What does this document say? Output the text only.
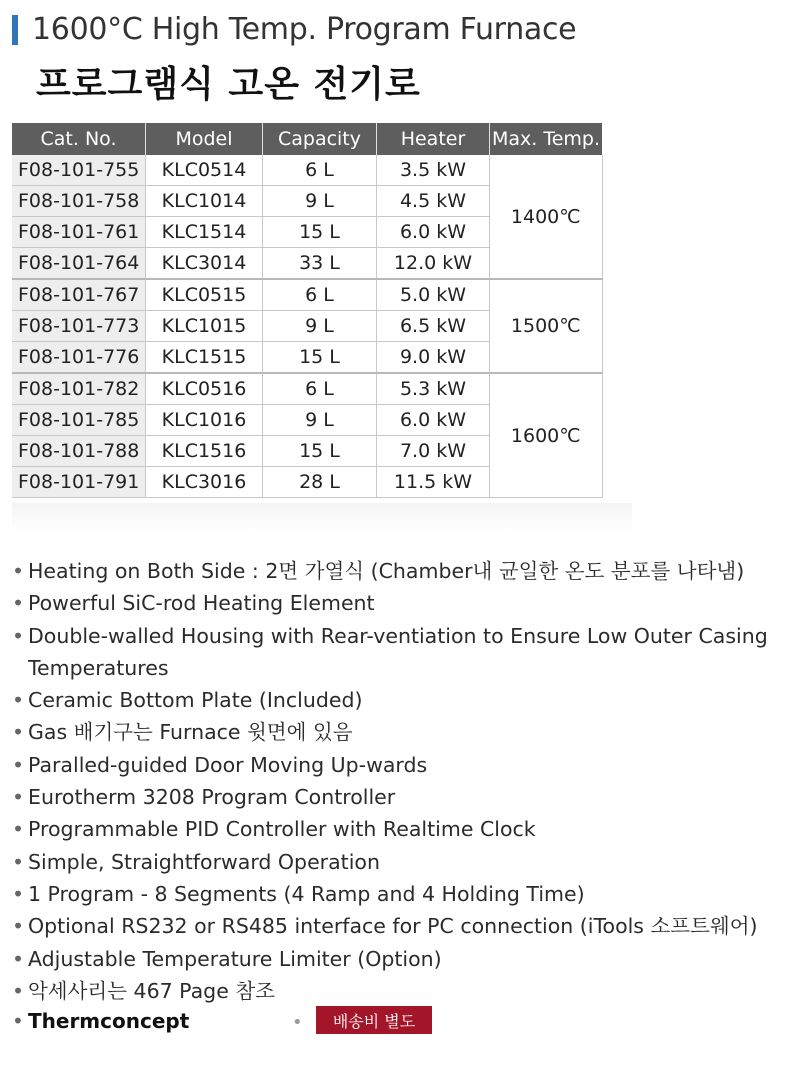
1600°C High Temp. Program Furnace
프로그램식 고온 전기로
Cat. No.	Model	Capacity	Heater	Max. Temp.
F08-101-755	KLC0514	6 L	3.5 kW	1400℃
F08-101-758	KLC1014	9 L	4.5 kW	
F08-101-761	KLC1514	15 L	6.0 kW	
F08-101-764	KLC3014	33 L	12.0 kW	
F08-101-767	KLC0515	6 L	5.0 kW	1500℃
F08-101-773	KLC1015	9 L	6.5 kW	
F08-101-776	KLC1515	15 L	9.0 kW	
F08-101-782	KLC0516	6 L	5.3 kW	1600℃
F08-101-785	KLC1016	9 L	6.0 kW	
F08-101-788	KLC1516	15 L	7.0 kW	
F08-101-791	KLC3016	28 L	11.5 kW	
• Heating on Both Side : 2면 가열식 (Chamber내 균일한 온도 분포를 나타냄)
• Powerful SiC-rod Heating Element
• Double-walled Housing with Rear-ventiation to Ensure Low Outer Casing Temperatures
• Ceramic Bottom Plate (Included)
• Gas 배기구는 Furnace 윗면에 있음
• Paralled-guided Door Moving Up-wards
• Eurotherm 3208 Program Controller
• Programmable PID Controller with Realtime Clock
• Simple, Straightforward Operation
• 1 Program - 8 Segments (4 Ramp and 4 Holding Time)
• Optional RS232 or RS485 interface for PC connection (iTools 소프트웨어)
• Adjustable Temperature Limiter (Option)
• 악세사리는 467 Page 참조
• Thermconcept	•	배송비 별도
